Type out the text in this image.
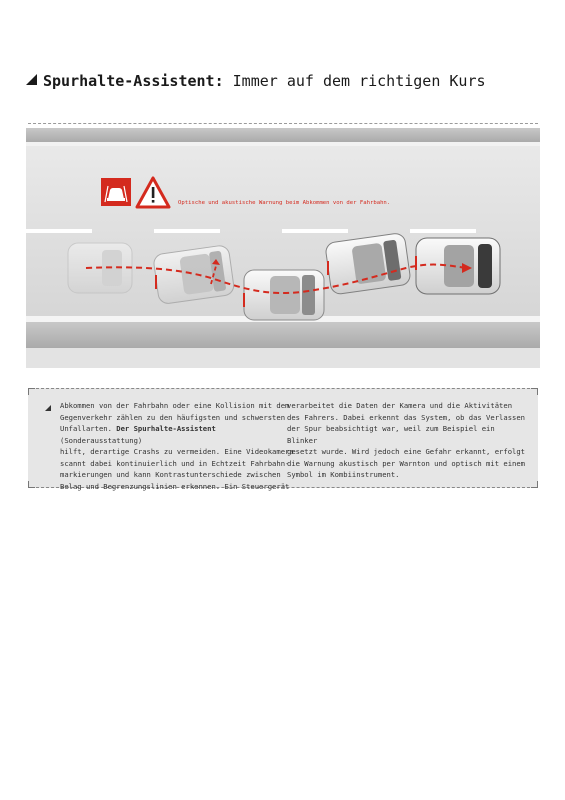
Spurhalte-Assistent: Immer auf dem richtigen Kurs
Optische und akustische Warnung beim Abkommen von der Fahrbahn.
Abkommen von der Fahrbahn oder eine Kollision mit dem
Gegenverkehr zählen zu den häufigsten und schwersten
Unfallarten. Der Spurhalte-Assistent (Sonderausstattung)
hilft, derartige Crashs zu vermeiden. Eine Videokamera
scannt dabei kontinuierlich und in Echtzeit Fahrbahn-
markierungen und kann Kontrastunterschiede zwischen
Belag und Begrenzungslinien erkennen. Ein Steuergerät
verarbeitet die Daten der Kamera und die Aktivitäten
des Fahrers. Dabei erkennt das System, ob das Verlassen
der Spur beabsichtigt war, weil zum Beispiel ein Blinker
gesetzt wurde. Wird jedoch eine Gefahr erkannt, erfolgt
die Warnung akustisch per Warnton und optisch mit einem
Symbol im Kombiinstrument.
